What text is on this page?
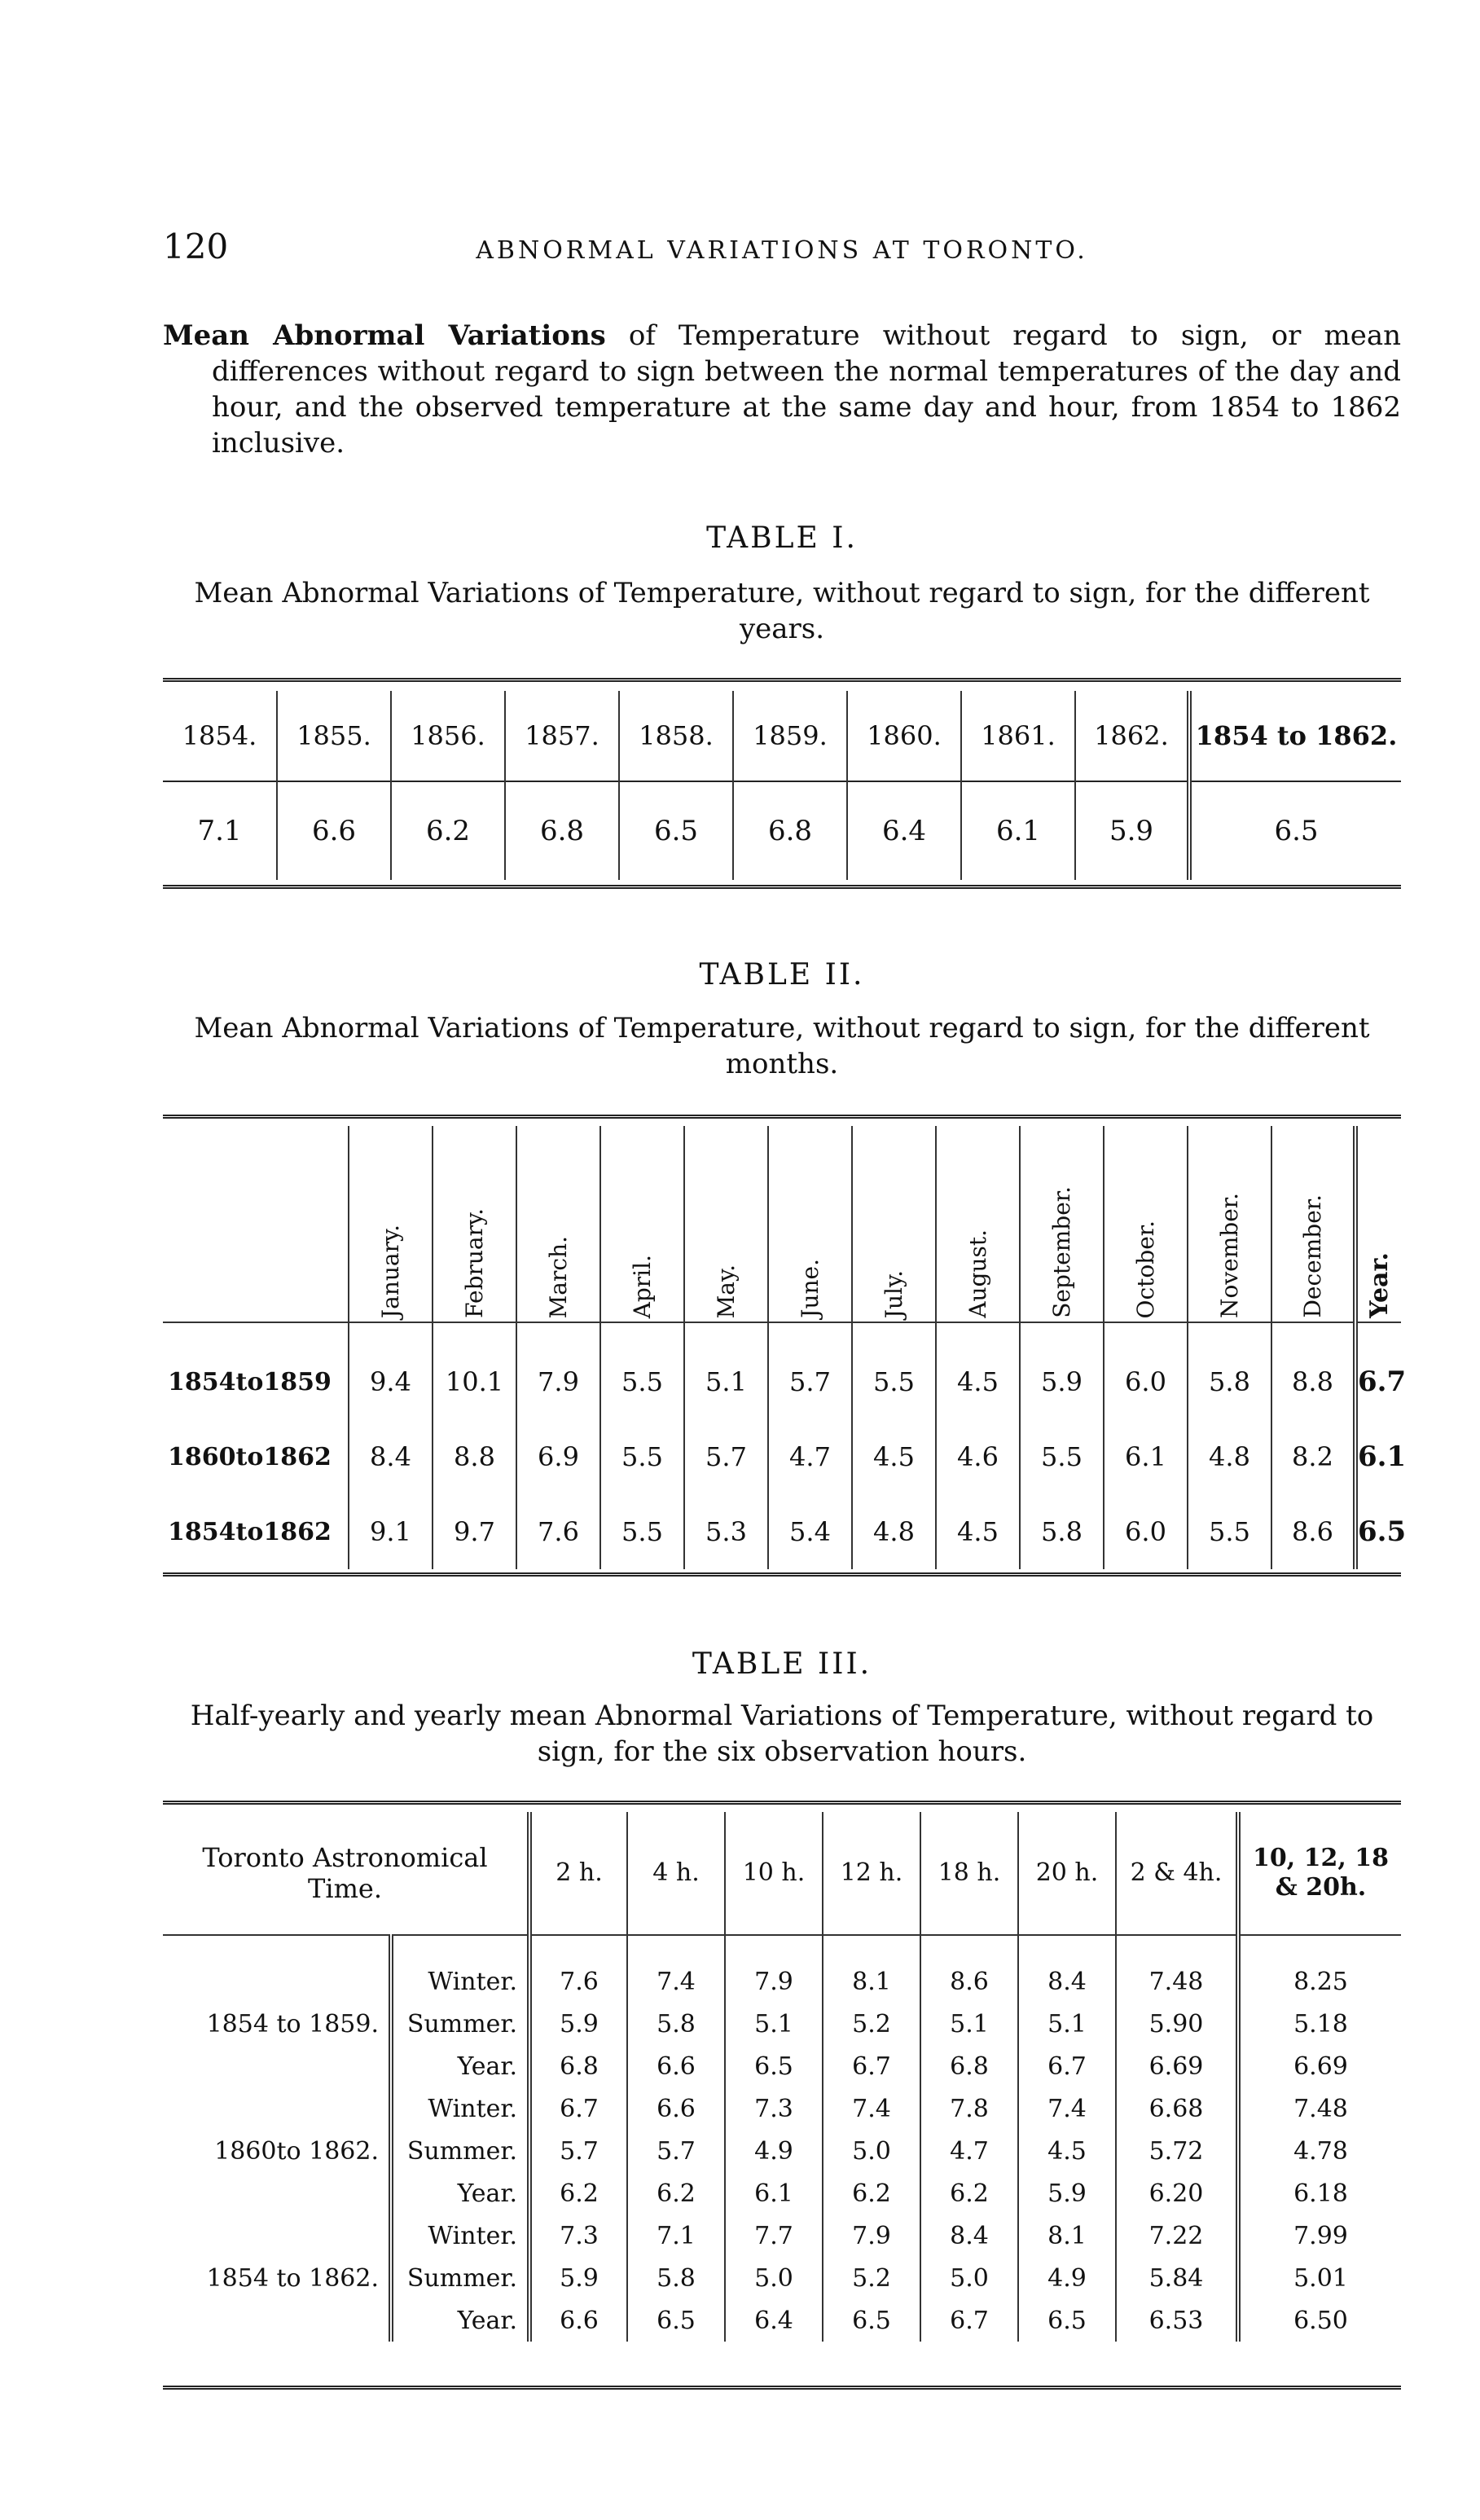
120	ABNORMAL VARIATIONS AT TORONTO.
Mean Abnormal Variations of Temperature without regard to sign, or mean differences without regard to sign between the normal temperatures of the day and hour, and the observed temperature at the same day and hour, from 1854 to 1862 inclusive.
TABLE I.
Mean Abnormal Variations of Temperature, without regard to sign, for the different years.
1854.	1855.	1856.	1857.	1858.	1859.	1860.	1861.	1862.	1854 to 1862.
7.1	6.6	6.2	6.8	6.5	6.8	6.4	6.1	5.9	6.5
TABLE II.
Mean Abnormal Variations of Temperature, without regard to sign, for the different months.
	January.	February.	March.	April.	May.	June.	July.	August.	September.	October.	November.	December.	Year.
1854to1859	9.4	10.1	7.9	5.5	5.1	5.7	5.5	4.5	5.9	6.0	5.8	8.8	6.7
1860to1862	8.4	8.8	6.9	5.5	5.7	4.7	4.5	4.6	5.5	6.1	4.8	8.2	6.1
1854to1862	9.1	9.7	7.6	5.5	5.3	5.4	4.8	4.5	5.8	6.0	5.5	8.6	6.5
TABLE III.
Half-yearly and yearly mean Abnormal Variations of Temperature, without regard to sign, for the six observation hours.
Toronto Astronomical Time.		2 h.	4 h.	10 h.	12 h.	18 h.	20 h.	2 & 4h.	10, 12, 18 & 20h.
	Winter.	7.6	7.4	7.9	8.1	8.6	8.4	7.48	8.25
1854 to 1859.	Summer.	5.9	5.8	5.1	5.2	5.1	5.1	5.90	5.18
	Year.	6.8	6.6	6.5	6.7	6.8	6.7	6.69	6.69
	Winter.	6.7	6.6	7.3	7.4	7.8	7.4	6.68	7.48
1860to 1862.	Summer.	5.7	5.7	4.9	5.0	4.7	4.5	5.72	4.78
	Year.	6.2	6.2	6.1	6.2	6.2	5.9	6.20	6.18
	Winter.	7.3	7.1	7.7	7.9	8.4	8.1	7.22	7.99
1854 to 1862.	Summer.	5.9	5.8	5.0	5.2	5.0	4.9	5.84	5.01
	Year.	6.6	6.5	6.4	6.5	6.7	6.5	6.53	6.50
